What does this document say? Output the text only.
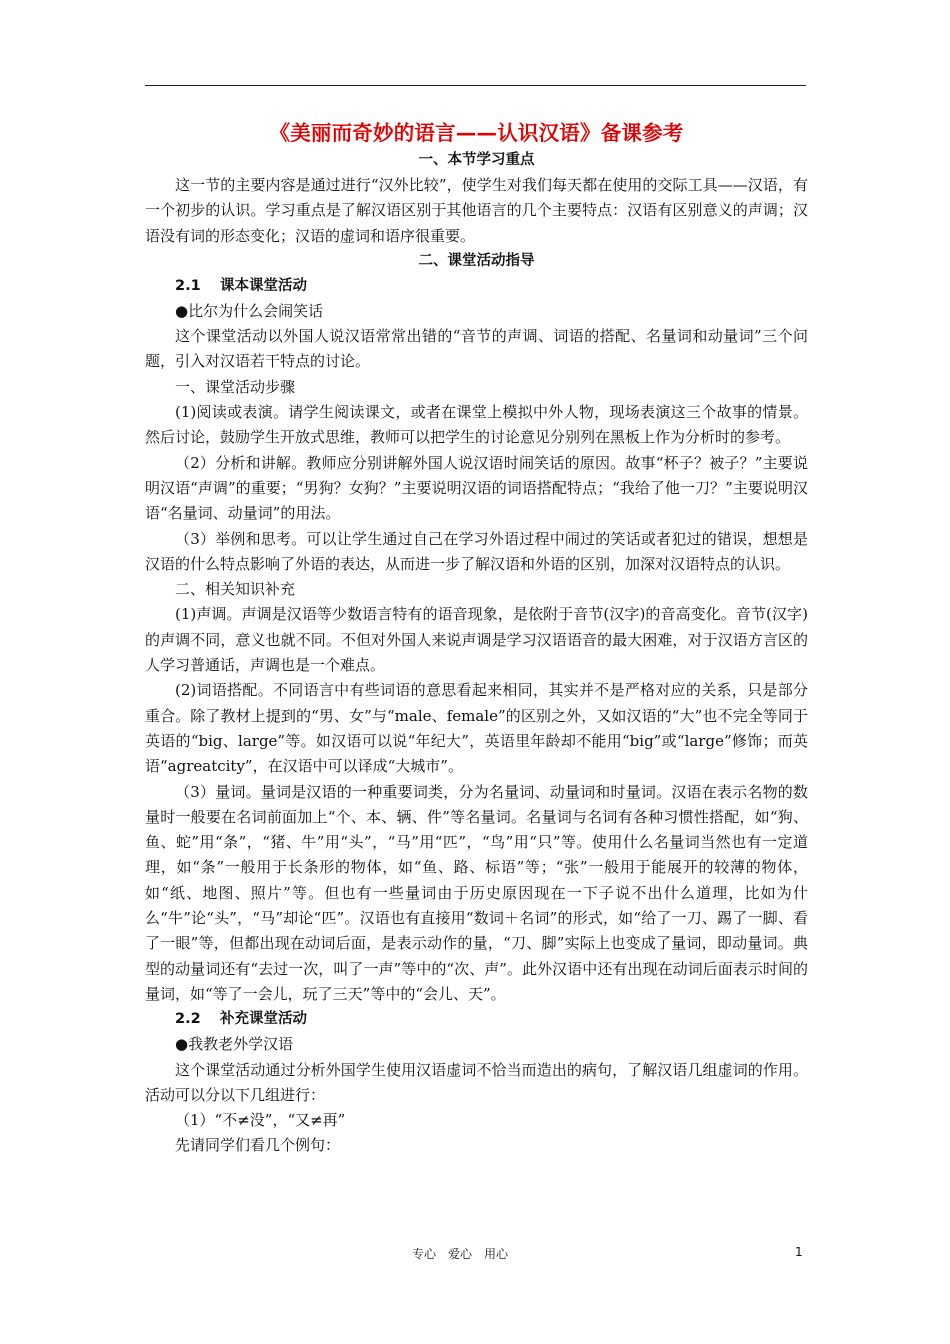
《美丽而奇妙的语言——认识汉语》备课参考

一、本节学习重点

这一节的主要内容是通过进行“汉外比较”，使学生对我们每天都在使用的交际工具——汉语，有一个初步的认识。学习重点是了解汉语区别于其他语言的几个主要特点：汉语有区别意义的声调；汉语没有词的形态变化；汉语的虚词和语序很重要。

二、课堂活动指导

2.1 课本课堂活动

●比尔为什么会闹笑话

这个课堂活动以外国人说汉语常常出错的“音节的声调、词语的搭配、名量词和动量词”三个问题，引入对汉语若干特点的讨论。

一、课堂活动步骤

(1)阅读或表演。请学生阅读课文，或者在课堂上模拟中外人物，现场表演这三个故事的情景。然后讨论，鼓励学生开放式思维，教师可以把学生的讨论意见分别列在黑板上作为分析时的参考。

（2）分析和讲解。教师应分别讲解外国人说汉语时闹笑话的原因。故事“杯子？被子？”主要说明汉语“声调”的重要；“男狗？女狗？”主要说明汉语的词语搭配特点；“我给了他一刀？”主要说明汉语“名量词、动量词”的用法。

（3）举例和思考。可以让学生通过自己在学习外语过程中闹过的笑话或者犯过的错误，想想是汉语的什么特点影响了外语的表达，从而进一步了解汉语和外语的区别，加深对汉语特点的认识。

二、相关知识补充

(1)声调。声调是汉语等少数语言特有的语音现象，是依附于音节(汉字)的音高变化。音节(汉字)的声调不同，意义也就不同。不但对外国人来说声调是学习汉语语音的最大困难，对于汉语方言区的人学习普通话，声调也是一个难点。

(2)词语搭配。不同语言中有些词语的意思看起来相同，其实并不是严格对应的关系，只是部分重合。除了教材上提到的“男、女”与“male、female”的区别之外，又如汉语的“大”也不完全等同于英语的“big、large”等。如汉语可以说“年纪大”，英语里年龄却不能用“big”或“large”修饰；而英语“agreatcity”，在汉语中可以译成“大城市”。

（3）量词。量词是汉语的一种重要词类，分为名量词、动量词和时量词。汉语在表示名物的数量时一般要在名词前面加上“个、本、辆、件”等名量词。名量词与名词有各种习惯性搭配，如“狗、鱼、蛇”用“条”，“猪、牛”用“头”，“马”用“匹”，“鸟”用“只”等。使用什么名量词当然也有一定道理，如“条”一般用于长条形的物体，如“鱼、路、标语”等；“张”一般用于能展开的较薄的物体，如“纸、地图、照片”等。但也有一些量词由于历史原因现在一下子说不出什么道理，比如为什么“牛”论“头”，“马”却论“匹”。汉语也有直接用“数词＋名词”的形式，如“给了一刀、踢了一脚、看了一眼”等，但都出现在动词后面，是表示动作的量，“刀、脚”实际上也变成了量词，即动量词。典型的动量词还有“去过一次，叫了一声”等中的“次、声”。此外汉语中还有出现在动词后面表示时间的量词，如“等了一会儿，玩了三天”等中的“会儿、天”。

2.2 补充课堂活动

●我教老外学汉语

这个课堂活动通过分析外国学生使用汉语虚词不恰当而造出的病句，了解汉语几组虚词的作用。活动可以分以下几组进行：

（1）“不≠没”，“又≠再”

先请同学们看几个例句：

专心　爱心　用心	1
